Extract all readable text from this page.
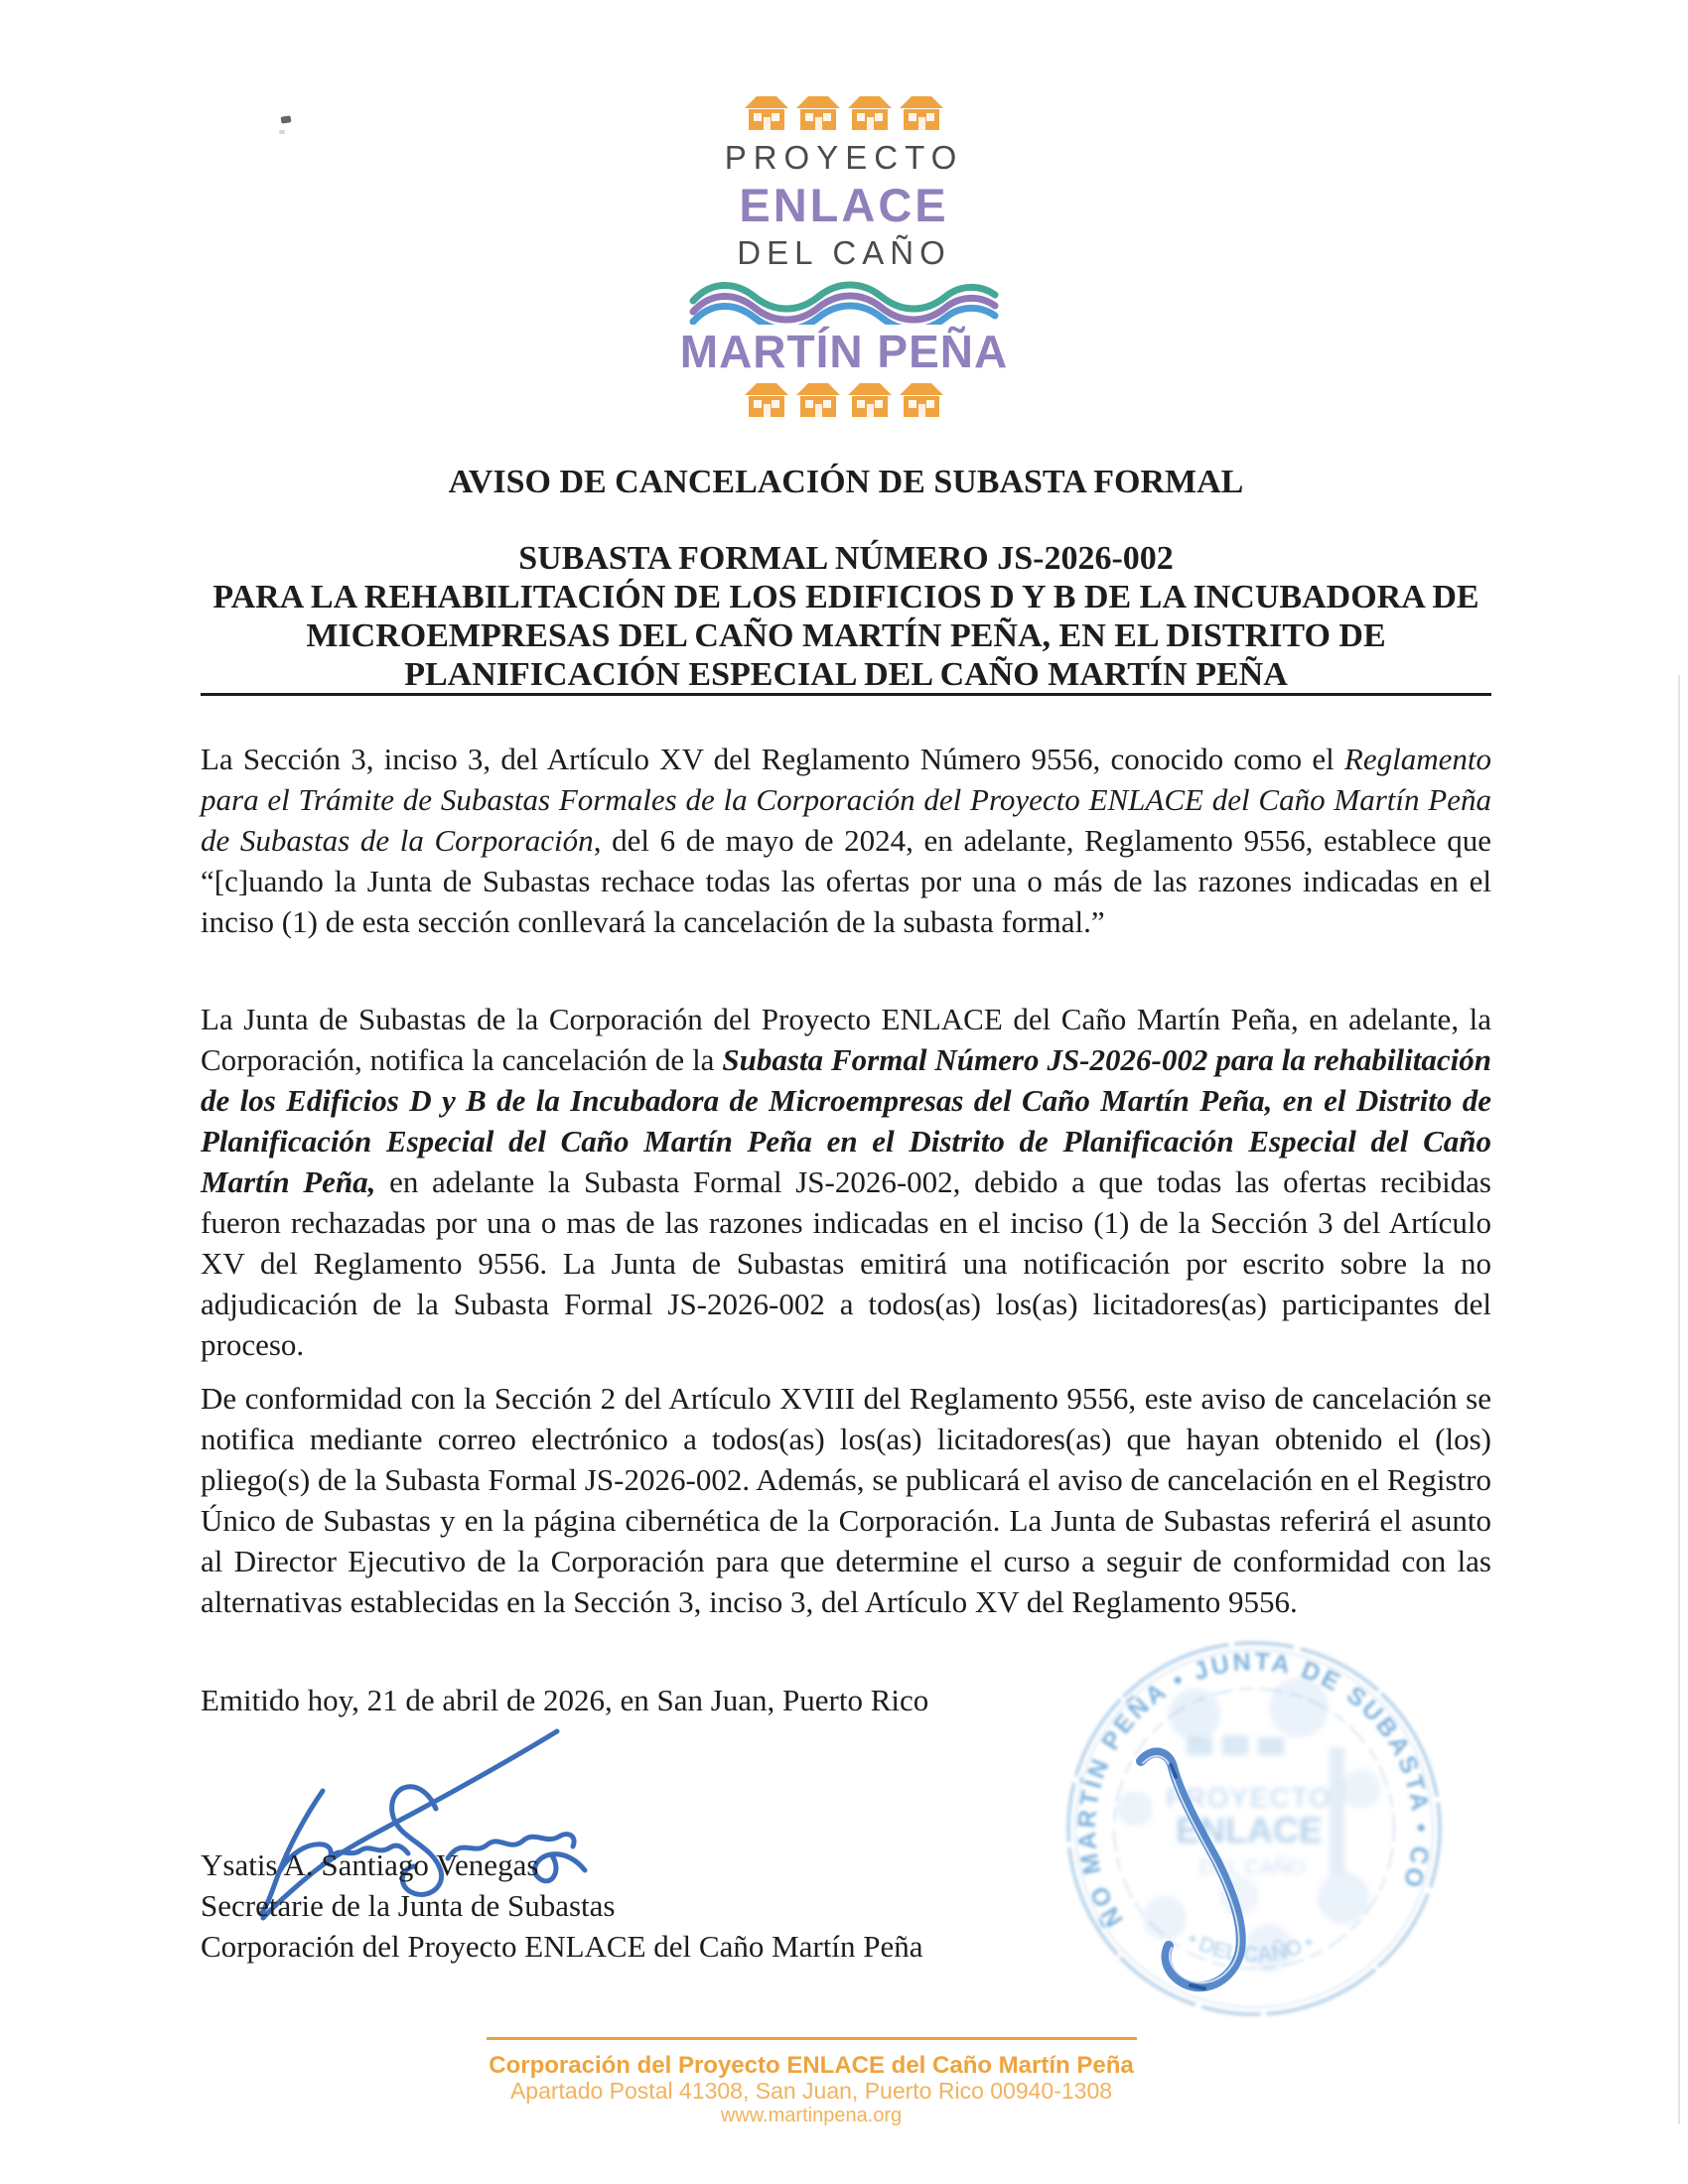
PROYECTO
ENLACE
DEL CAÑO
MARTÍN PEÑA
AVISO DE CANCELACIÓN DE SUBASTA FORMAL
SUBASTA FORMAL NÚMERO JS-2026-002
PARA LA REHABILITACIÓN DE LOS EDIFICIOS D Y B DE LA INCUBADORA DE
MICROEMPRESAS DEL CAÑO MARTÍN PEÑA, EN EL DISTRITO DE
PLANIFICACIÓN ESPECIAL DEL CAÑO MARTÍN PEÑA
La Sección 3, inciso 3, del Artículo XV del Reglamento Número 9556, conocido como el Reglamento para el Trámite de Subastas Formales de la Corporación del Proyecto ENLACE del Caño Martín Peña de Subastas de la Corporación, del 6 de mayo de 2024, en adelante, Reglamento 9556, establece que “[c]uando la Junta de Subastas rechace todas las ofertas por una o más de las razones indicadas en el inciso (1) de esta sección conllevará la cancelación de la subasta formal.”
La Junta de Subastas de la Corporación del Proyecto ENLACE del Caño Martín Peña, en adelante, la Corporación, notifica la cancelación de la Subasta Formal Número JS-2026-002 para la rehabilitación de los Edificios D y B de la Incubadora de Microempresas del Caño Martín Peña, en el Distrito de Planificación Especial del Caño Martín Peña en el Distrito de Planificación Especial del Caño Martín Peña, en adelante la Subasta Formal JS-2026-002, debido a que todas las ofertas recibidas fueron rechazadas por una o mas de las razones indicadas en el inciso (1) de la Sección 3 del Artículo XV del Reglamento 9556. La Junta de Subastas emitirá una notificación por escrito sobre la no adjudicación de la Subasta Formal JS-2026-002 a todos(as) los(as) licitadores(as) participantes del proceso.
De conformidad con la Sección 2 del Artículo XVIII del Reglamento 9556, este aviso de cancelación se notifica mediante correo electrónico a todos(as) los(as) licitadores(as) que hayan obtenido el (los) pliego(s) de la Subasta Formal JS-2026-002. Además, se publicará el aviso de cancelación en el Registro Único de Subastas y en la página cibernética de la Corporación. La Junta de Subastas referirá el asunto al Director Ejecutivo de la Corporación para que determine el curso a seguir de conformidad con las alternativas establecidas en la Sección 3, inciso 3, del Artículo XV del Reglamento 9556.
Emitido hoy, 21 de abril de 2026, en San Juan, Puerto Rico
Ysatis A. Santiago Venegas
Secretarie de la Junta de Subastas
Corporación del Proyecto ENLACE del Caño Martín Peña
ÑO MARTÍN PEÑA • JUNTA DE SUBASTA • CO
• DEL CAÑO •
PROYECTO
ENLACE
DEL CAÑO
Corporación del Proyecto ENLACE del Caño Martín Peña
Apartado Postal 41308, San Juan, Puerto Rico 00940-1308
www.martinpena.org
